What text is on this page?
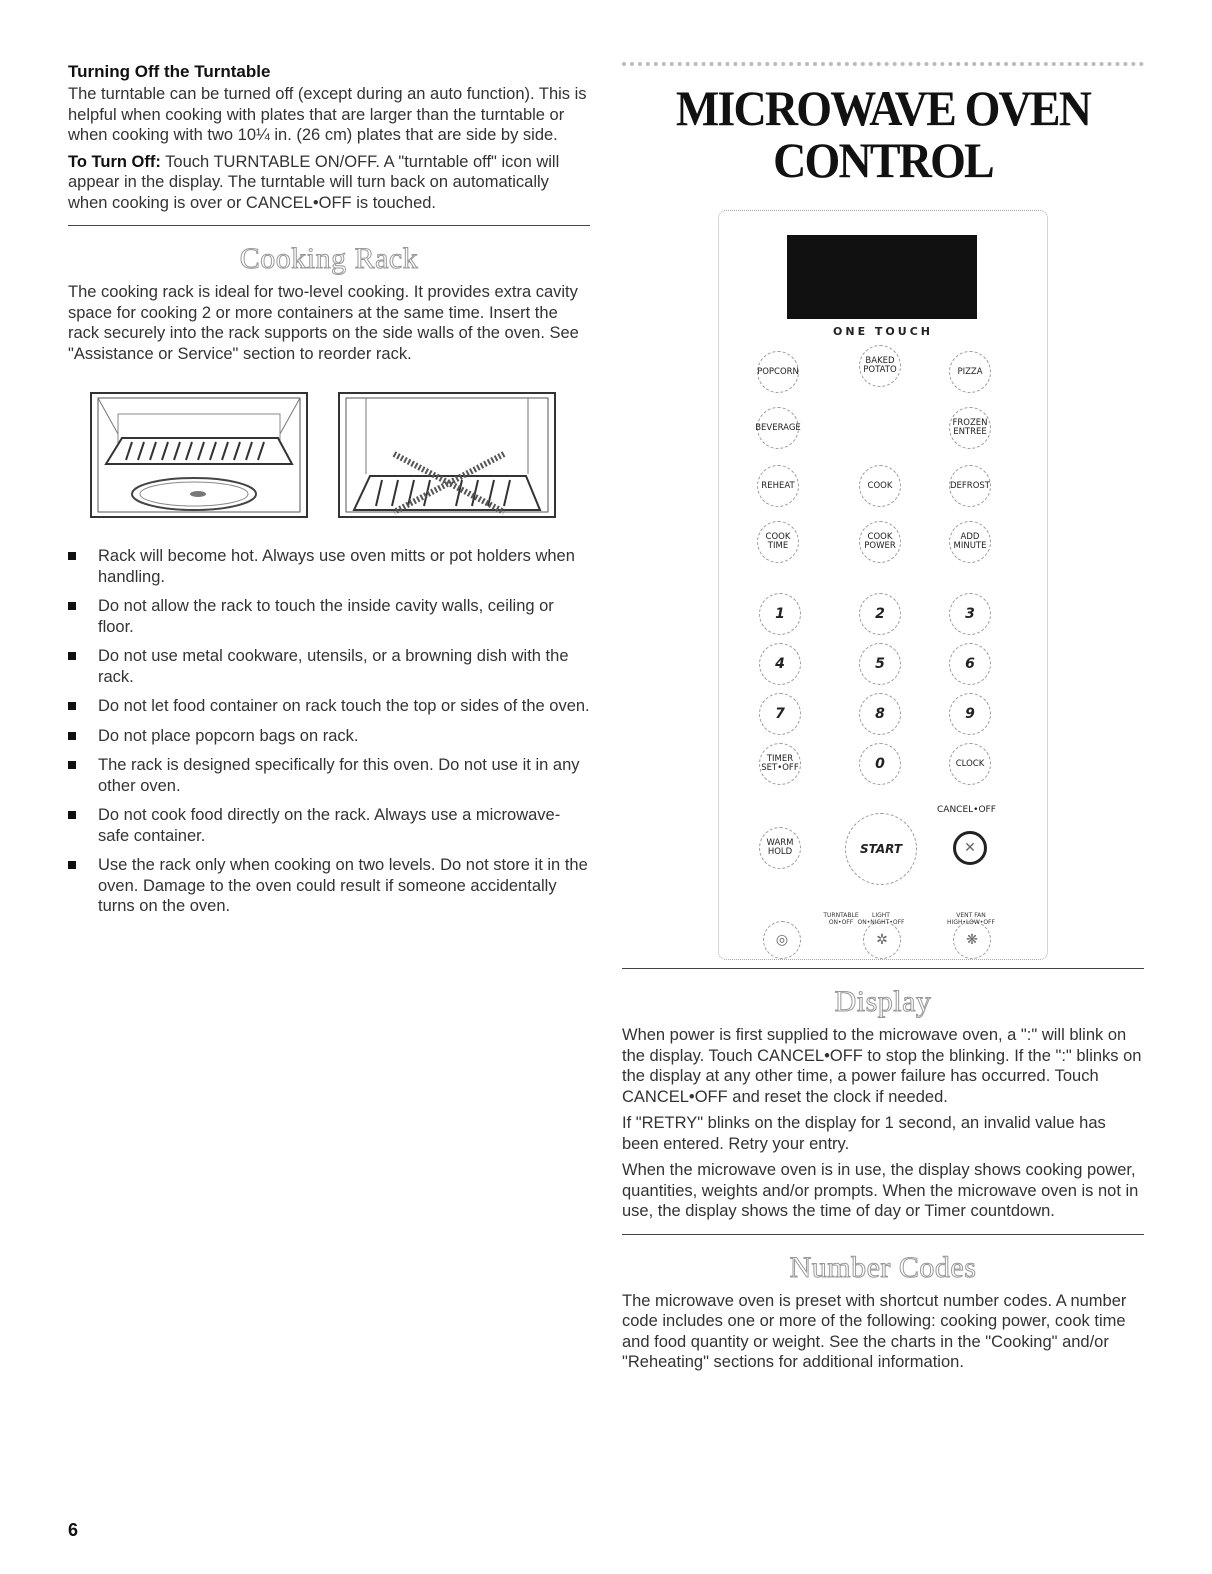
Turning Off the Turntable

The turntable can be turned off (except during an auto function). This is helpful when cooking with plates that are larger than the turntable or when cooking with two 10¼ in. (26 cm) plates that are side by side.

To Turn Off: Touch TURNTABLE ON/OFF. A "turntable off" icon will appear in the display. The turntable will turn back on automatically when cooking is over or CANCEL•OFF is touched.

Cooking Rack

The cooking rack is ideal for two-level cooking. It provides extra cavity space for cooking 2 or more containers at the same time. Insert the rack securely into the rack supports on the side walls of the oven. See "Assistance or Service" section to reorder rack.

Rack will become hot. Always use oven mitts or pot holders when handling.
Do not allow the rack to touch the inside cavity walls, ceiling or floor.
Do not use metal cookware, utensils, or a browning dish with the rack.
Do not let food container on rack touch the top or sides of the oven.
Do not place popcorn bags on rack.
The rack is designed specifically for this oven. Do not use it in any other oven.
Do not cook food directly on the rack. Always use a microwave-safe container.
Use the rack only when cooking on two levels. Do not store it in the oven. Damage to the oven could result if someone accidentally turns on the oven.
MICROWAVE OVEN
CONTROL
ONE TOUCH
POPCORN
BAKED
POTATO	PIZZA
BEVERAGE	FROZEN
ENTREE
REHEAT	COOK	DEFROST
COOK
TIME
COOK
POWER
ADD
MINUTE
1	2	3
4	5	6
7	8	9
TIMER
SET•OFF	0	CLOCK
CANCEL•OFF
WARM
HOLD	START	✕
◎	✲	❋
TURNTABLE
ON•OFF
LIGHT
ON•NIGHT•OFF
VENT FAN
HIGH•LOW•OFF
Display

When power is first supplied to the microwave oven, a ":" will blink on the display. Touch CANCEL•OFF to stop the blinking. If the ":" blinks on the display at any other time, a power failure has occurred. Touch CANCEL•OFF and reset the clock if needed.

If "RETRY" blinks on the display for 1 second, an invalid value has been entered. Retry your entry.

When the microwave oven is in use, the display shows cooking power, quantities, weights and/or prompts. When the microwave oven is not in use, the display shows the time of day or Timer countdown.

Number Codes

The microwave oven is preset with shortcut number codes. A number code includes one or more of the following: cooking power, cook time and food quantity or weight. See the charts in the "Cooking" and/or "Reheating" sections for additional information.

6
